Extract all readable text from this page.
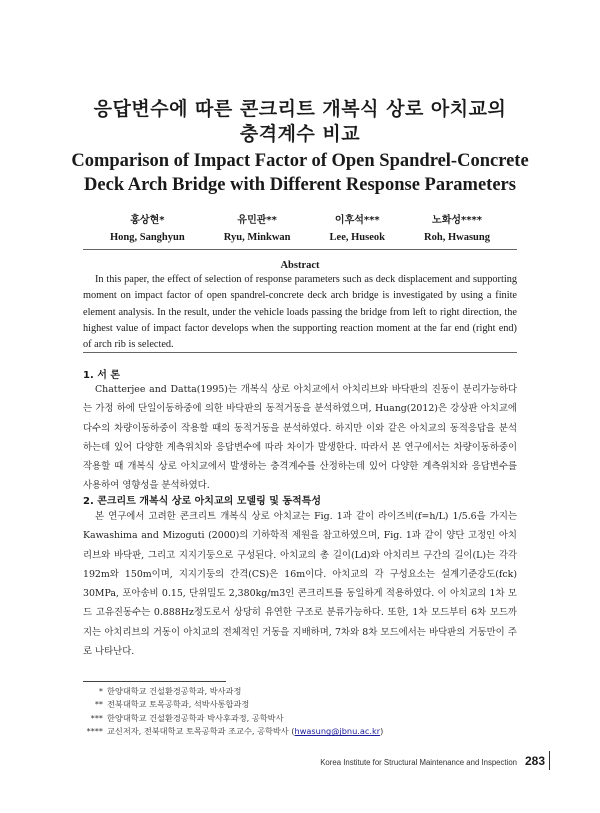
응답변수에 따른 콘크리트 개복식 상로 아치교의
충격계수 비교
Comparison of Impact Factor of Open Spandrel-Concrete
Deck Arch Bridge with Different Response Parameters
홍상현*
Hong, Sanghyun
유민관**
Ryu, Minkwan
이후석***
Lee, Huseok
노화성****
Roh, Hwasung
Abstract
In this paper, the effect of selection of response parameters such as deck displacement and supporting moment on impact factor of open spandrel-concrete deck arch bridge is investigated by using a finite element analysis. In the result, under the vehicle loads passing the bridge from left to right direction, the highest value of impact factor develops when the supporting reaction moment at the far end (right end) of arch rib is selected.
1. 서 론
Chatterjee and Datta(1995)는 개복식 상로 아치교에서 아치리브와 바닥판의 진동이 분리가능하다는 가정 하에 단일이동하중에 의한 바닥판의 동적거동을 분석하였으며, Huang(2012)은 강상판 아치교에 다수의 차량이동하중이 작용할 때의 동적거동을 분석하였다. 하지만 이와 같은 아치교의 동적응답을 분석하는데 있어 다양한 계측위치와 응답변수에 따라 차이가 발생한다. 따라서 본 연구에서는 차량이동하중이 작용할 때 개복식 상로 아치교에서 발생하는 충격계수를 산정하는데 있어 다양한 계측위치와 응답변수를 사용하여 영향성을 분석하였다.
2. 콘크리트 개복식 상로 아치교의 모델링 및 동적특성
본 연구에서 고려한 콘크리트 개복식 상로 아치교는 Fig. 1과 같이 라이즈비(f=h/L) 1/5.6을 가지는 Kawashima and Mizoguti (2000)의 기하학적 제원을 참고하였으며, Fig. 1과 같이 양단 고정인 아치리브와 바닥판, 그리고 지지기둥으로 구성된다. 아치교의 총 길이(Ld)와 아치리브 구간의 길이(L)는 각각 192m와 150m이며, 지지기둥의 간격(CS)은 16m이다. 아치교의 각 구성요소는 설계기준강도(fck) 30MPa, 포아송비 0.15, 단위밀도 2,380kg/m3인 콘크리트를 동일하게 적용하였다. 이 아치교의 1차 모드 고유진동수는 0.888Hz정도로서 상당히 유연한 구조로 분류가능하다. 또한, 1차 모드부터 6차 모드까지는 아치리브의 거동이 아치교의 전체적인 거동을 지배하며, 7차와 8차 모드에서는 바닥판의 거동만이 주로 나타난다.
* 한양대학교 건설환경공학과, 박사과정
** 전북대학교 토목공학과, 석박사통합과정
*** 한양대학교 건설환경공학과 박사후과정, 공학박사
**** 교신저자, 전북대학교 토목공학과 조교수, 공학박사 (hwasung@jbnu.ac.kr)
Korea Institute for Structural Maintenance and Inspection 283
